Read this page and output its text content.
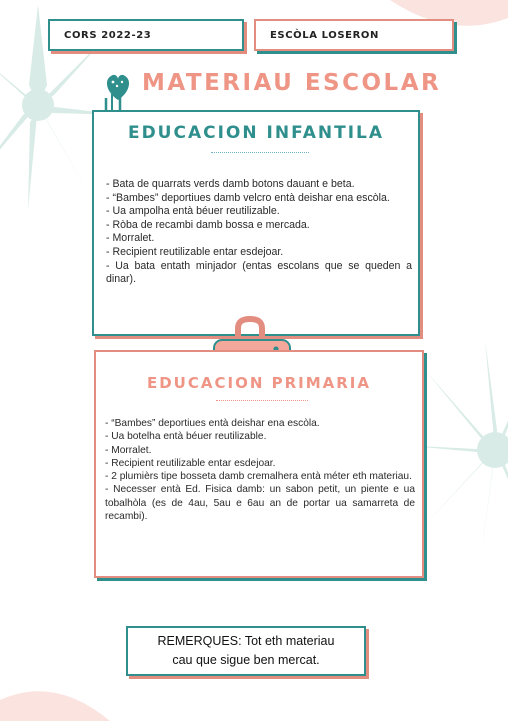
CORS 2022-23	ESCÒLA LOSERON
MATERIAU ESCOLAR
EDUCACION INFANTILA
- Bata de quarrats verds damb botons dauant e beta.
- “Bambes” deportiues damb velcro entà deishar ena escòla.
- Ua ampolha entà béuer reutilizable.
- Ròba de recambi damb bossa e mercada.
- Morralet.
- Recipient reutilizable entar esdejoar.
- Ua bata entath minjador (entas escolans que se queden a dinar).
EDUCACION PRIMARIA
- “Bambes” deportiues entà deishar ena escòla.
- Ua botelha entà béuer reutilizable.
- Morralet.
- Recipient reutilizable entar esdejoar.
- 2 plumièrs tipe bosseta damb cremalhera entà méter eth materiau.
- Necesser entà Ed. Fisica damb: un sabon petit, un piente e ua tobalhòla (es de 4au, 5au e 6au an de portar ua samarreta de recambi).
REMERQUES: Tot eth materiau
cau que sigue ben mercat.
